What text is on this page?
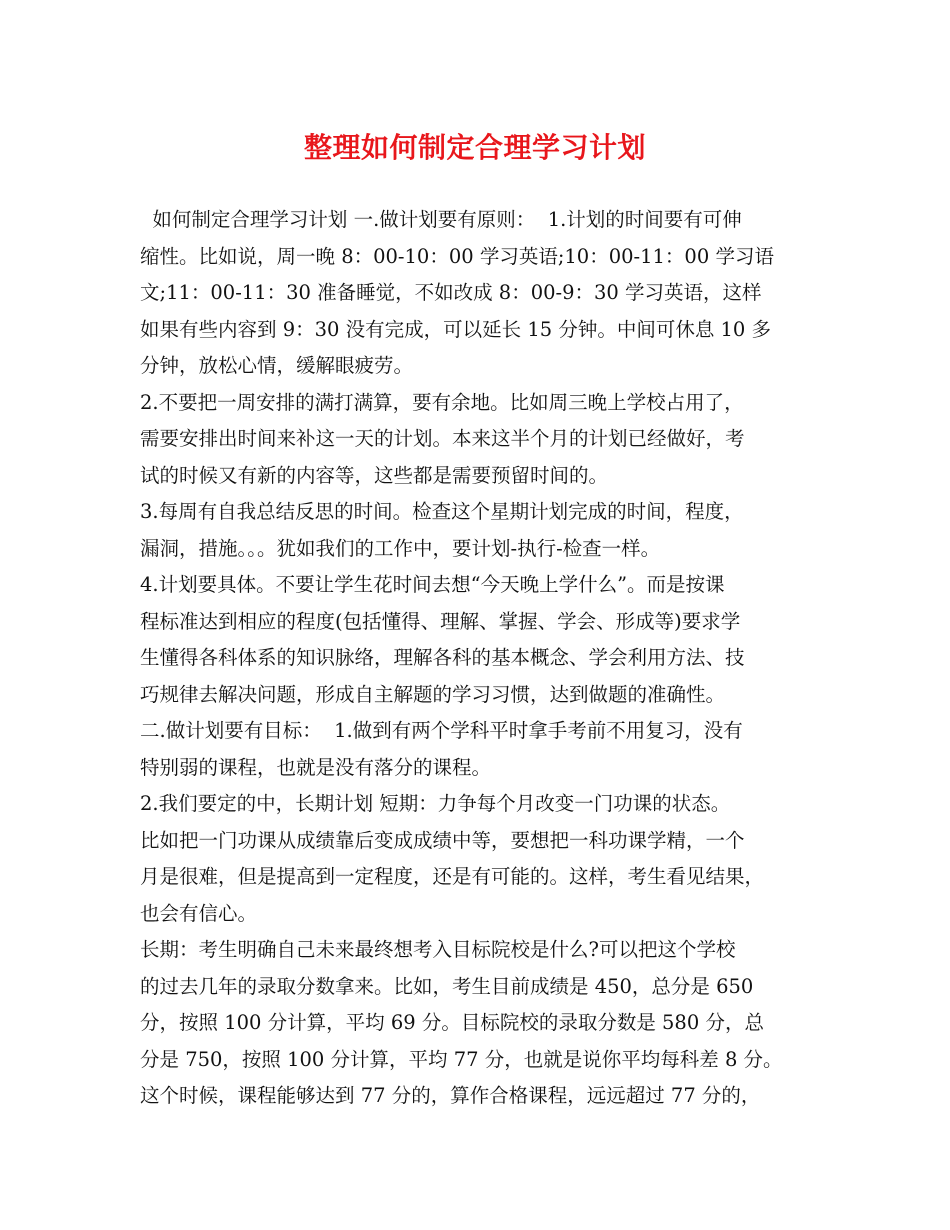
整理如何制定合理学习计划
如何制定合理学习计划 一.做计划要有原则：  1.计划的时间要有可伸
缩性。比如说，周一晚 8：00-10：00 学习英语;10：00-11：00 学习语
文;11：00-11：30 准备睡觉，不如改成 8：00-9：30 学习英语，这样
如果有些内容到 9：30 没有完成，可以延长 15 分钟。中间可休息 10 多
分钟，放松心情，缓解眼疲劳。
2.不要把一周安排的满打满算，要有余地。比如周三晚上学校占用了，
需要安排出时间来补这一天的计划。本来这半个月的计划已经做好，考
试的时候又有新的内容等，这些都是需要预留时间的。
3.每周有自我总结反思的时间。检查这个星期计划完成的时间，程度，
漏洞，措施。。。犹如我们的工作中，要计划-执行-检查一样。
4.计划要具体。不要让学生花时间去想“今天晚上学什么”。而是按课
程标准达到相应的程度(包括懂得、理解、掌握、学会、形成等)要求学
生懂得各科体系的知识脉络，理解各科的基本概念、学会利用方法、技
巧规律去解决问题，形成自主解题的学习习惯，达到做题的准确性。
二.做计划要有目标：  1.做到有两个学科平时拿手考前不用复习，没有
特别弱的课程，也就是没有落分的课程。
2.我们要定的中，长期计划 短期：力争每个月改变一门功课的状态。
比如把一门功课从成绩靠后变成成绩中等，要想把一科功课学精，一个
月是很难，但是提高到一定程度，还是有可能的。这样，考生看见结果，
也会有信心。
长期：考生明确自己未来最终想考入目标院校是什么?可以把这个学校
的过去几年的录取分数拿来。比如，考生目前成绩是 450，总分是 650
分，按照 100 分计算，平均 69 分。目标院校的录取分数是 580 分，总
分是 750，按照 100 分计算，平均 77 分，也就是说你平均每科差 8 分。
这个时候，课程能够达到 77 分的，算作合格课程，远远超过 77 分的，
